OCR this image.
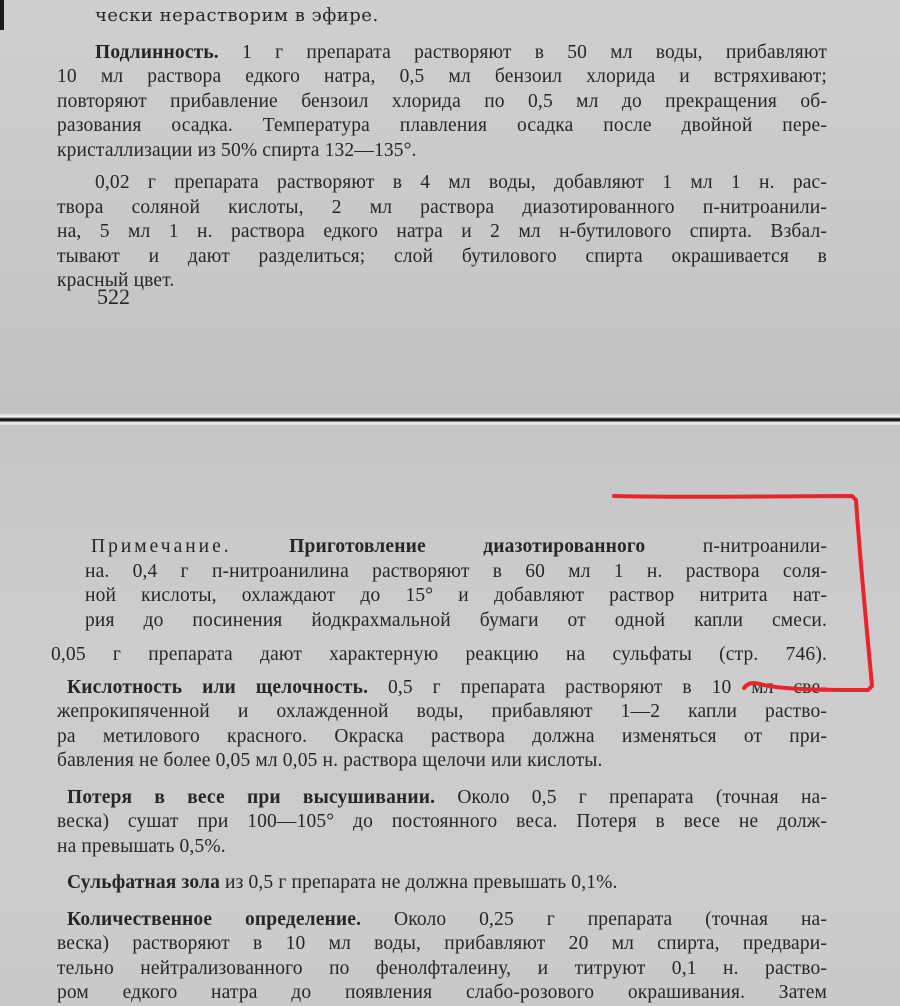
чески нерастворим в эфире.
Подлинность. 1 г препарата растворяют в 50 мл воды, прибавляют
10 мл раствора едкого натра, 0,5 мл бензоил хлорида и встряхивают;
повторяют прибавление бензоил хлорида по 0,5 мл до прекращения об-
разования осадка. Температура плавления осадка после двойной пере-
кристаллизации из 50% спирта 132—135°.
0,02 г препарата растворяют в 4 мл воды, добавляют 1 мл 1 н. рас-
твора соляной кислоты, 2 мл раствора диазотированного п-нитроанили-
на, 5 мл 1 н. раствора едкого натра и 2 мл н-бутилового спирта. Взбал-
тывают и дают разделиться; слой бутилового спирта окрашивается в
красный цвет.
522
Примечание.	Приготовление диазотированного	п-нитроанили-
на. 0,4 г п-нитроанилина растворяют в 60 мл 1 н. раствора соля-
ной кислоты, охлаждают до 15° и добавляют раствор нитрита нат-
рия до посинения йодкрахмальной бумаги от одной капли смеси.
0,05 г препарата дают характерную реакцию на сульфаты (стр. 746).
Кислотность или щелочность. 0,5 г препарата растворяют в 10 мл све-
жепрокипяченной и охлажденной воды, прибавляют 1—2 капли раство-
ра метилового красного. Окраска раствора должна изменяться от при-
бавления не более 0,05 мл 0,05 н. раствора щелочи или кислоты.
Потеря в весе при высушивании. Около 0,5 г препарата (точная на-
веска) сушат при 100—105° до постоянного веса. Потеря в весе не долж-
на превышать 0,5%.
Сульфатная зола из 0,5 г препарата не должна превышать 0,1%.
Количественное определение. Около 0,25 г препарата (точная на-
веска) растворяют в 10 мл воды, прибавляют 20 мл спирта, предвари-
тельно нейтрализованного по фенолфталеину, и титруют 0,1 н. раство-
ром едкого натра до появления слабо-розового окрашивания. Затем
